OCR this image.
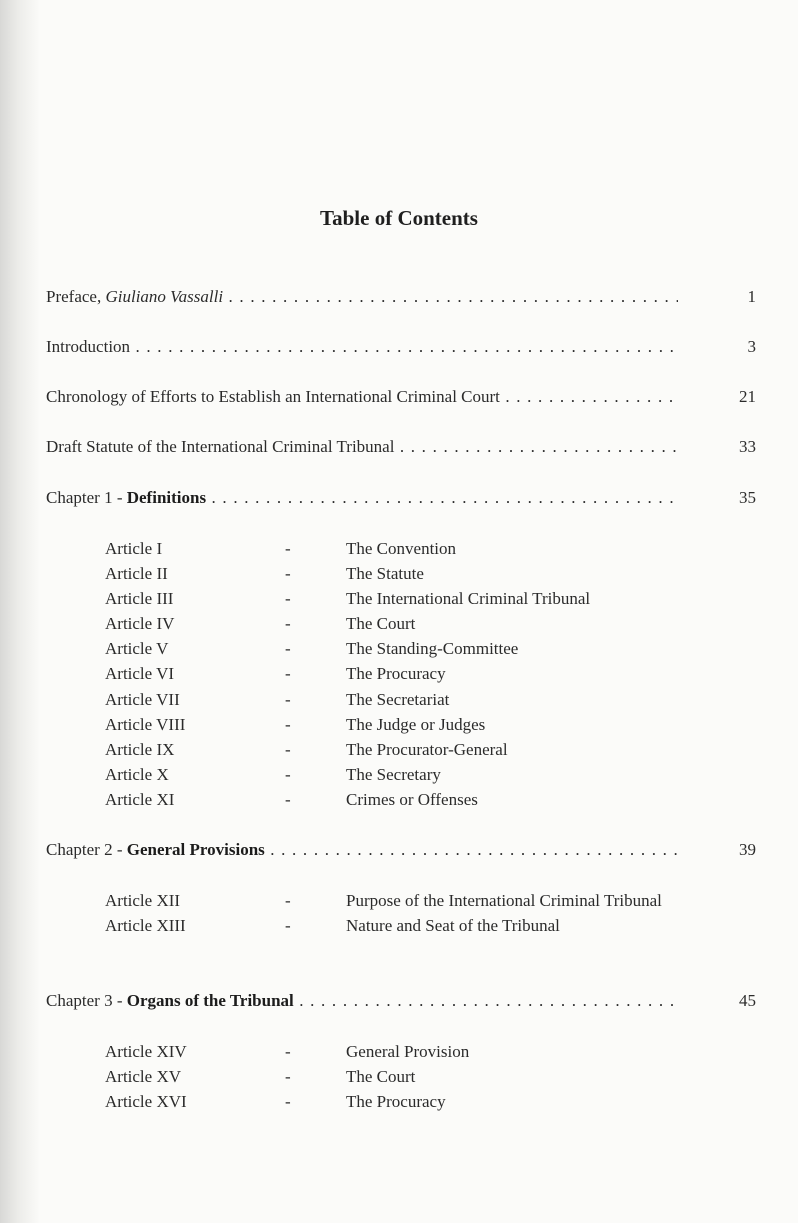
Table of Contents
Preface, Giuliano Vassalli . . .	1
Introduction . . .	3
Chronology of Efforts to Establish an International Criminal Court . . .	21
Draft Statute of the International Criminal Tribunal . . .	33
Chapter 1 - Definitions . . .	35
Article I	-	The Convention
Article II	-	The Statute
Article III	-	The International Criminal Tribunal
Article IV	-	The Court
Article V	-	The Standing-Committee
Article VI	-	The Procuracy
Article VII	-	The Secretariat
Article VIII	-	The Judge or Judges
Article IX	-	The Procurator-General
Article X	-	The Secretary
Article XI	-	Crimes or Offenses
Chapter 2 - General Provisions . . .	39
Article XII	-	Purpose of the International Criminal Tribunal
Article XIII	-	Nature and Seat of the Tribunal
Chapter 3 - Organs of the Tribunal . . .	45
Article XIV	-	General Provision
Article XV	-	The Court
Article XVI	-	The Procuracy
